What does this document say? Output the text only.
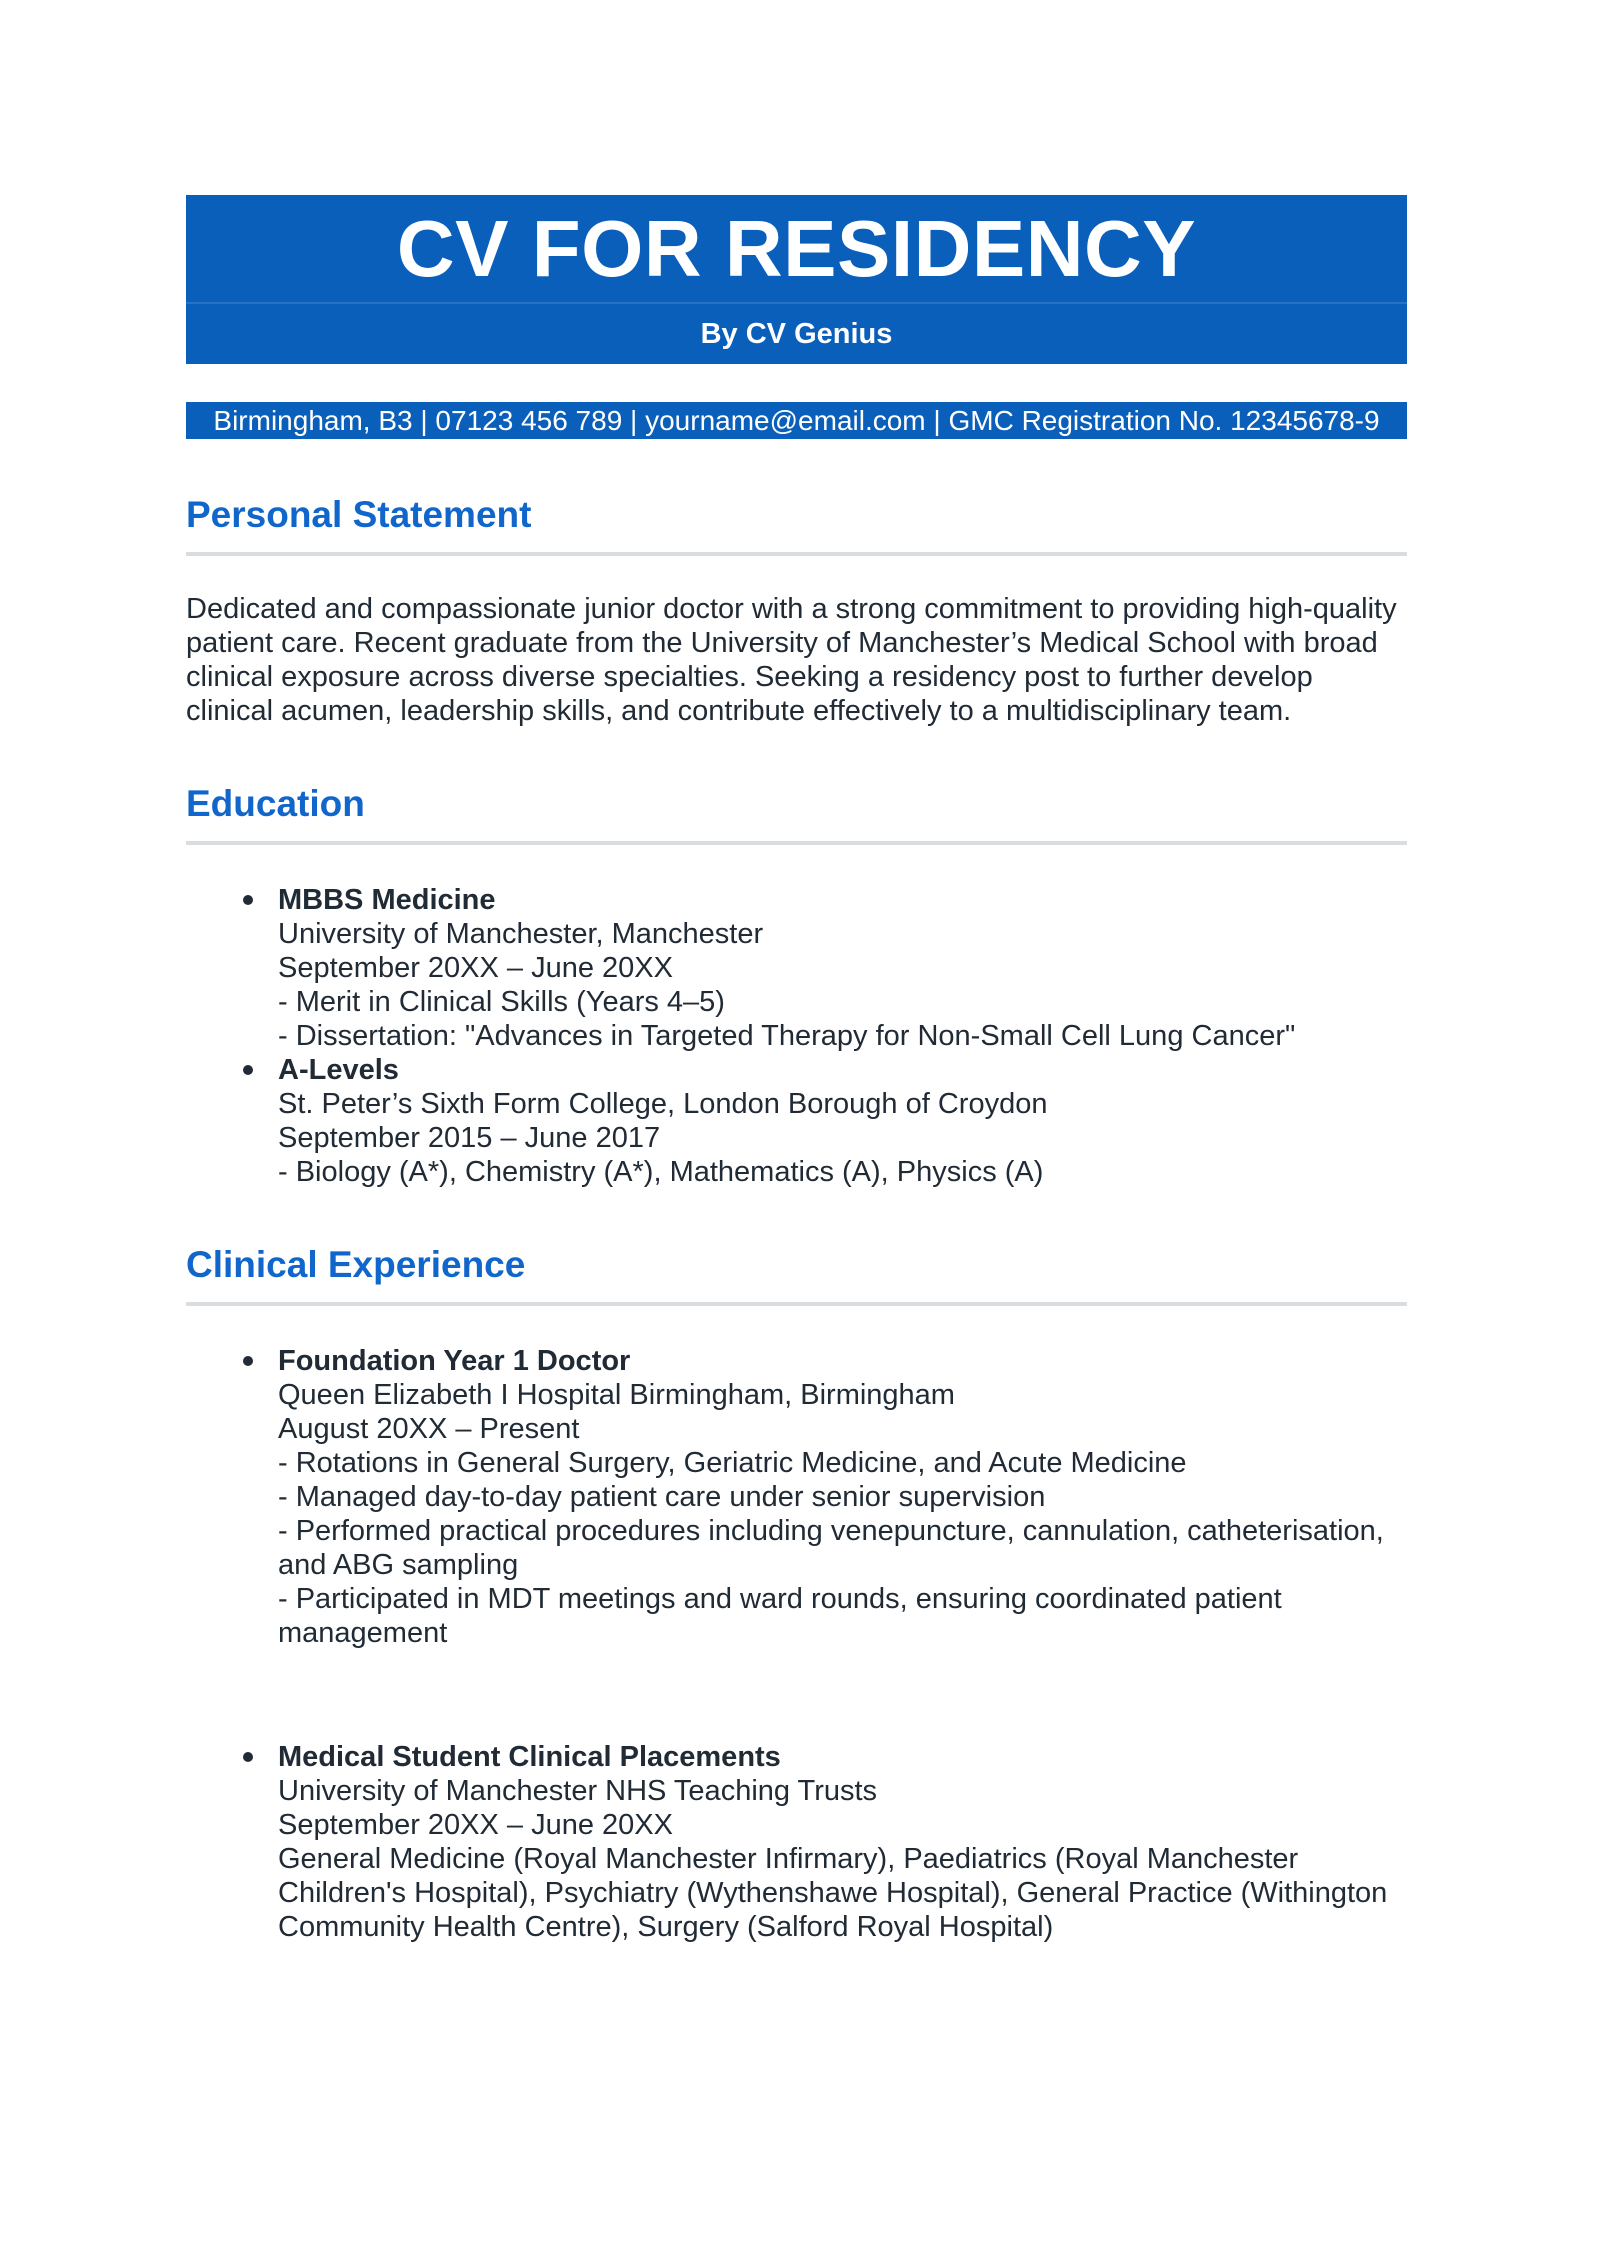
CV FOR RESIDENCY
By CV Genius
Birmingham, B3 | 07123 456 789 | yourname@email.com | GMC Registration No. 12345678-9
Personal Statement

Dedicated and compassionate junior doctor with a strong commitment to providing high-quality patient care. Recent graduate from the University of Manchester’s Medical School with broad clinical exposure across diverse specialties. Seeking a residency post to further develop clinical acumen, leadership skills, and contribute effectively to a multidisciplinary team.

Education
MBBS Medicine
University of Manchester, Manchester
September 20XX – June 20XX
- Merit in Clinical Skills (Years 4–5)
- Dissertation: "Advances in Targeted Therapy for Non-Small Cell Lung Cancer"
A-Levels
St. Peter’s Sixth Form College, London Borough of Croydon
September 2015 – June 2017
- Biology (A*), Chemistry (A*), Mathematics (A), Physics (A)
Clinical Experience
Foundation Year 1 Doctor
Queen Elizabeth I Hospital Birmingham, Birmingham
August 20XX – Present
- Rotations in General Surgery, Geriatric Medicine, and Acute Medicine
- Managed day-to-day patient care under senior supervision
- Performed practical procedures including venepuncture, cannulation, catheterisation, and ABG sampling
- Participated in MDT meetings and ward rounds, ensuring coordinated patient management
Medical Student Clinical Placements
University of Manchester NHS Teaching Trusts
September 20XX – June 20XX
General Medicine (Royal Manchester Infirmary), Paediatrics (Royal Manchester Children's Hospital), Psychiatry (Wythenshawe Hospital), General Practice (Withington Community Health Centre), Surgery (Salford Royal Hospital)
